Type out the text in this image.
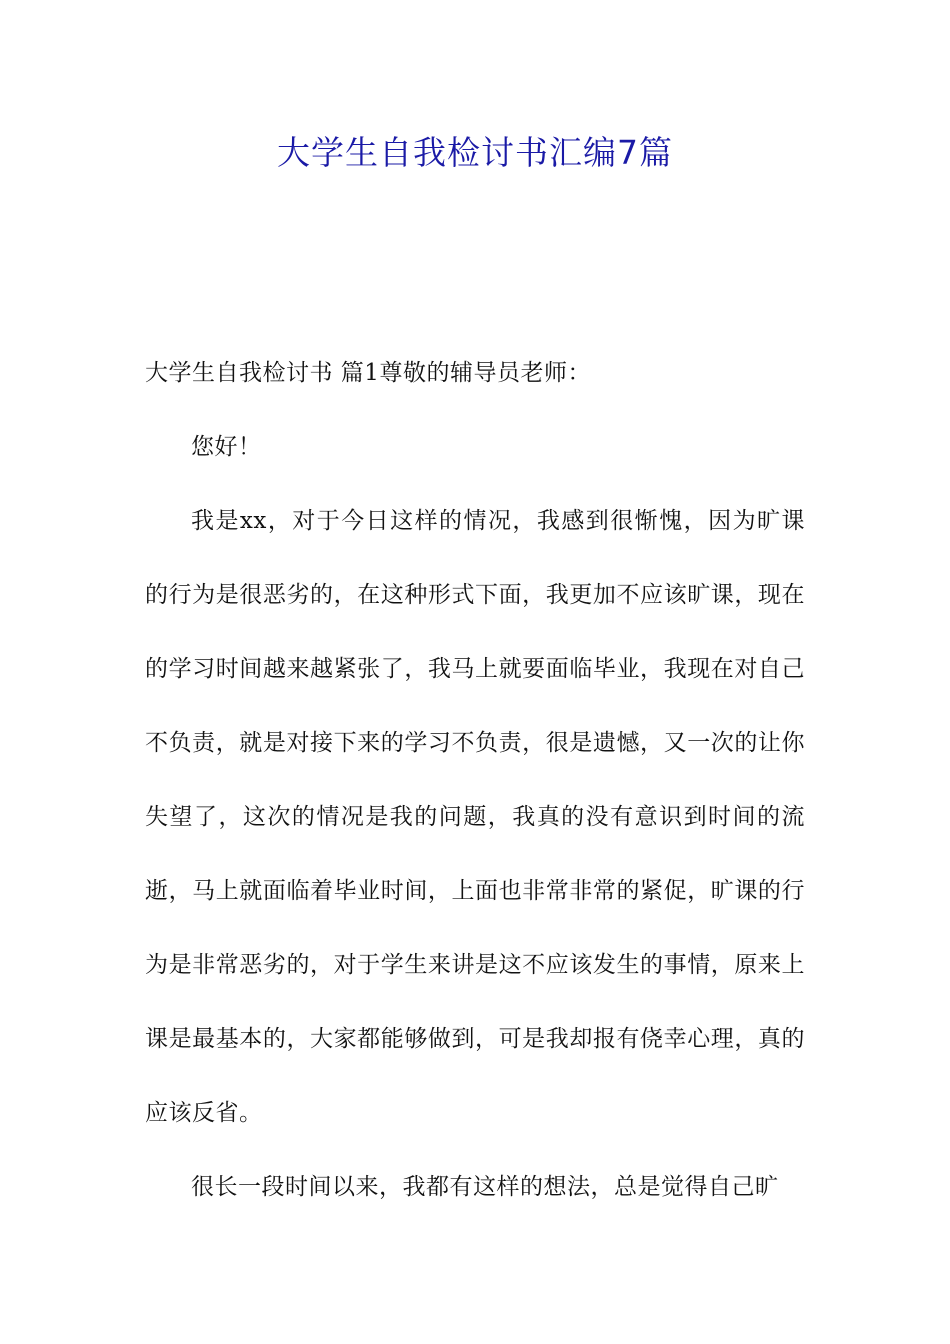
大学生自我检讨书汇编7篇

大学生自我检讨书 篇1尊敬的辅导员老师：

您好！

我是xx，对于今日这样的情况，我感到很惭愧，因为旷课的行为是很恶劣的，在这种形式下面，我更加不应该旷课，现在的学习时间越来越紧张了，我马上就要面临毕业，我现在对自己不负责，就是对接下来的学习不负责，很是遗憾，又一次的让你失望了，这次的情况是我的问题，我真的没有意识到时间的流逝，马上就面临着毕业时间，上面也非常非常的紧促，旷课的行为是非常恶劣的，对于学生来讲是这不应该发生的事情，原来上课是最基本的，大家都能够做到，可是我却报有侥幸心理，真的应该反省。

很长一段时间以来，我都有这样的想法，总是觉得自己旷
